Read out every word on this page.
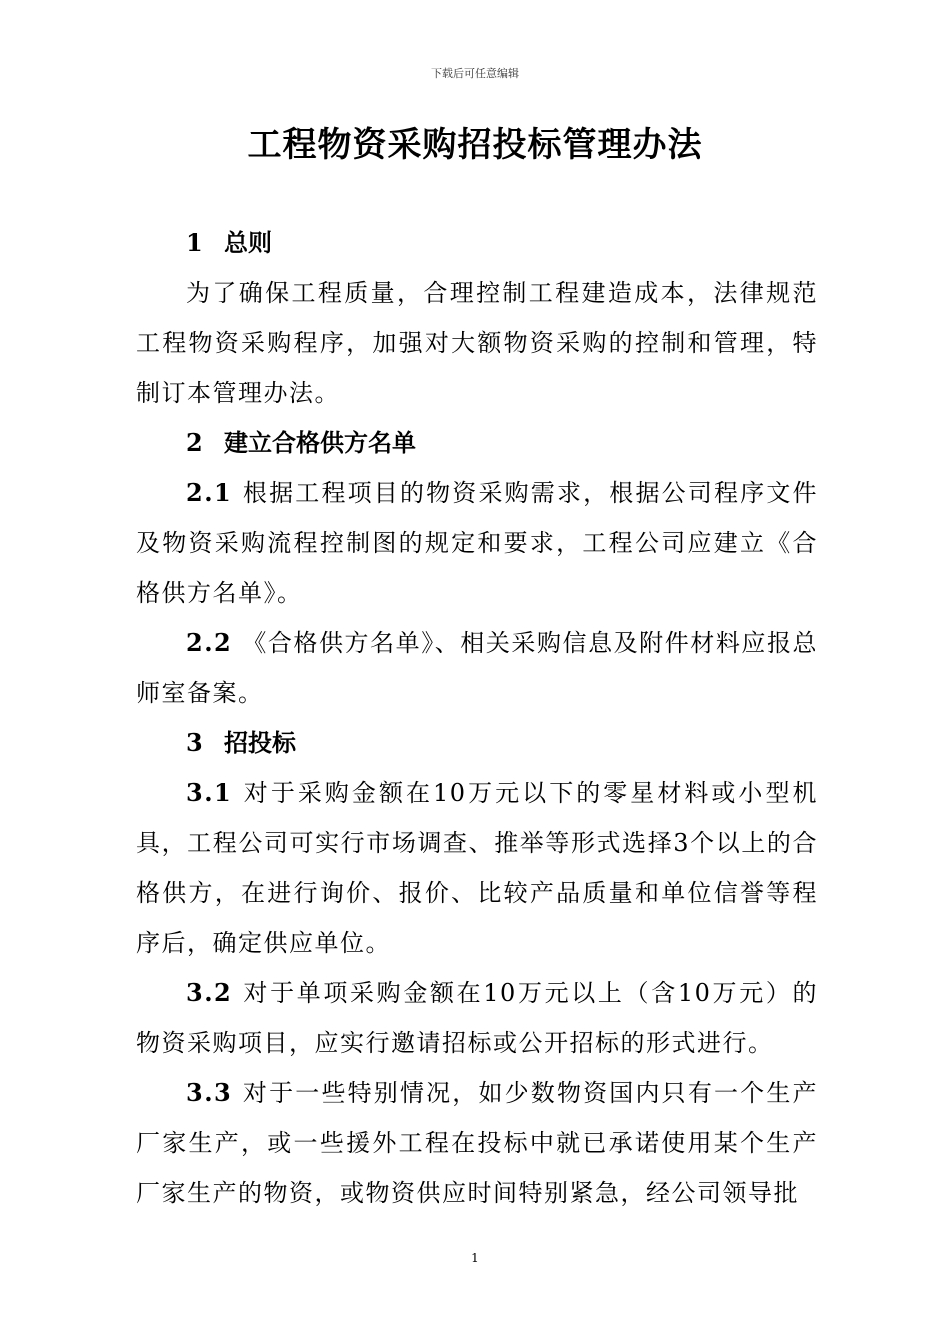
下载后可任意编辑
工程物资采购招投标管理办法

1 总则

为了确保工程质量，合理控制工程建造成本，法律规范工程物资采购程序，加强对大额物资采购的控制和管理，特制订本管理办法。

2 建立合格供方名单

2.1 根据工程项目的物资采购需求，根据公司程序文件及物资采购流程控制图的规定和要求，工程公司应建立《合格供方名单》。

2.2 《合格供方名单》、相关采购信息及附件材料应报总师室备案。

3 招投标

3.1 对于采购金额在10万元以下的零星材料或小型机具，工程公司可实行市场调查、推举等形式选择3个以上的合格供方，在进行询价、报价、比较产品质量和单位信誉等程序后，确定供应单位。

3.2 对于单项采购金额在10万元以上（含10万元）的物资采购项目，应实行邀请招标或公开招标的形式进行。

3.3 对于一些特别情况，如少数物资国内只有一个生产厂家生产，或一些援外工程在投标中就已承诺使用某个生产厂家生产的物资，或物资供应时间特别紧急，经公司领导批

1
